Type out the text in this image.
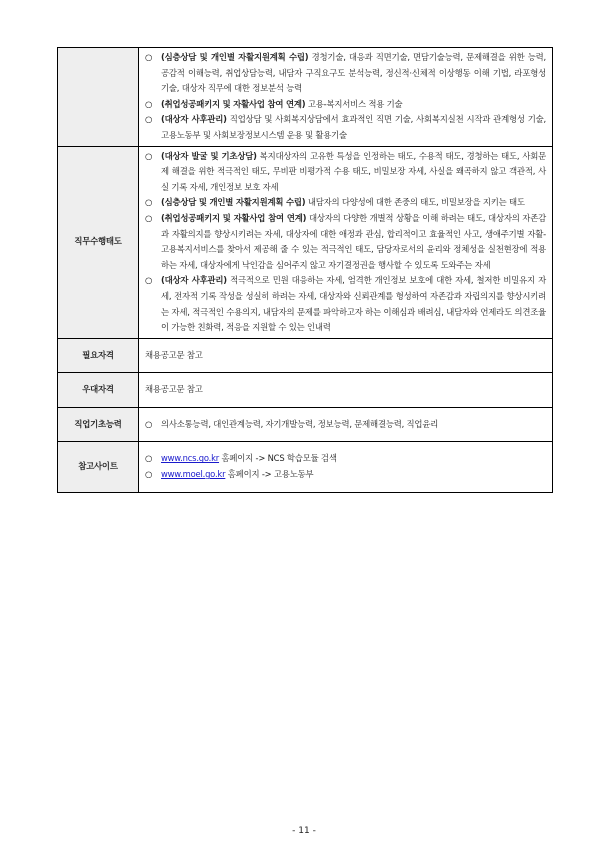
	○ (심층상담 및 개인별 자활지원계획 수립) 경청기술, 대응과 직면기술, 면담기술능력, 문제해결을 위한 능력, 공감적 이해능력, 취업상담능력, 내담자 구직요구도 분석능력, 정신적·신체적 이상행동 이해 기법, 라포형성 기술, 대상자 직무에 대한 정보분석 능력

○ (취업성공패키지 및 자활사업 참여 연계) 고용-복지서비스 적용 기술

○ (대상자 사후관리) 직업상담 및 사회복지상담에서 효과적인 직면 기술, 사회복지실천 시작과 관계형성 기술, 고용노동부 및 사회보장정보시스템 운용 및 활용기술

직무수행태도	○ (대상자 발굴 및 기초상담) 복지대상자의 고유한 특성을 인정하는 태도, 수용적 태도, 경청하는 태도, 사회문제 해결을 위한 적극적인 태도, 무비판 비평가적 수용 태도, 비밀보장 자세, 사실을 왜곡하지 않고 객관적, 사실 기록 자세, 개인정보 보호 자세

○ (심층상담 및 개인별 자활지원계획 수립) 내담자의 다양성에 대한 존중의 태도, 비밀보장을 지키는 태도

○ (취업성공패키지 및 자활사업 참여 연계) 대상자의 다양한 개별적 상황을 이해 하려는 태도, 대상자의 자존감과 자활의지를 향상시키려는 자세, 대상자에 대한 애정과 관심, 합리적이고 효율적인 사고, 생애주기별 자활-고용복지서비스를 찾아서 제공해 줄 수 있는 적극적인 태도, 담당자로서의 윤리와 정체성을 실천현장에 적용하는 자세, 대상자에게 낙인감을 심어주지 않고 자기결정권을 행사할 수 있도록 도와주는 자세

○ (대상자 사후관리) 적극적으로 민원 대응하는 자세, 엄격한 개인정보 보호에 대한 자세, 철저한 비밀유지 자세, 전자적 기록 작성을 성실히 하려는 자세, 대상자와 신뢰관계를 형성하여 자존감과 자립의지를 향상시키려는 자세, 적극적인 수용의지, 내담자의 문제를 파악하고자 하는 이해심과 배려심, 내담자와 언제라도 의견조율이 가능한 친화력, 적응을 지원할 수 있는 인내력

필요자격	채용공고문 참고
우대자격	채용공고문 참고
직업기초능력	○ 의사소통능력, 대인관계능력, 자기개발능력, 정보능력, 문제해결능력, 직업윤리
참고사이트	○ www.ncs.go.kr 홈페이지 -> NCS 학습모듈 검색
○ www.moel.go.kr 홈페이지 -> 고용노동부
- 11 -
